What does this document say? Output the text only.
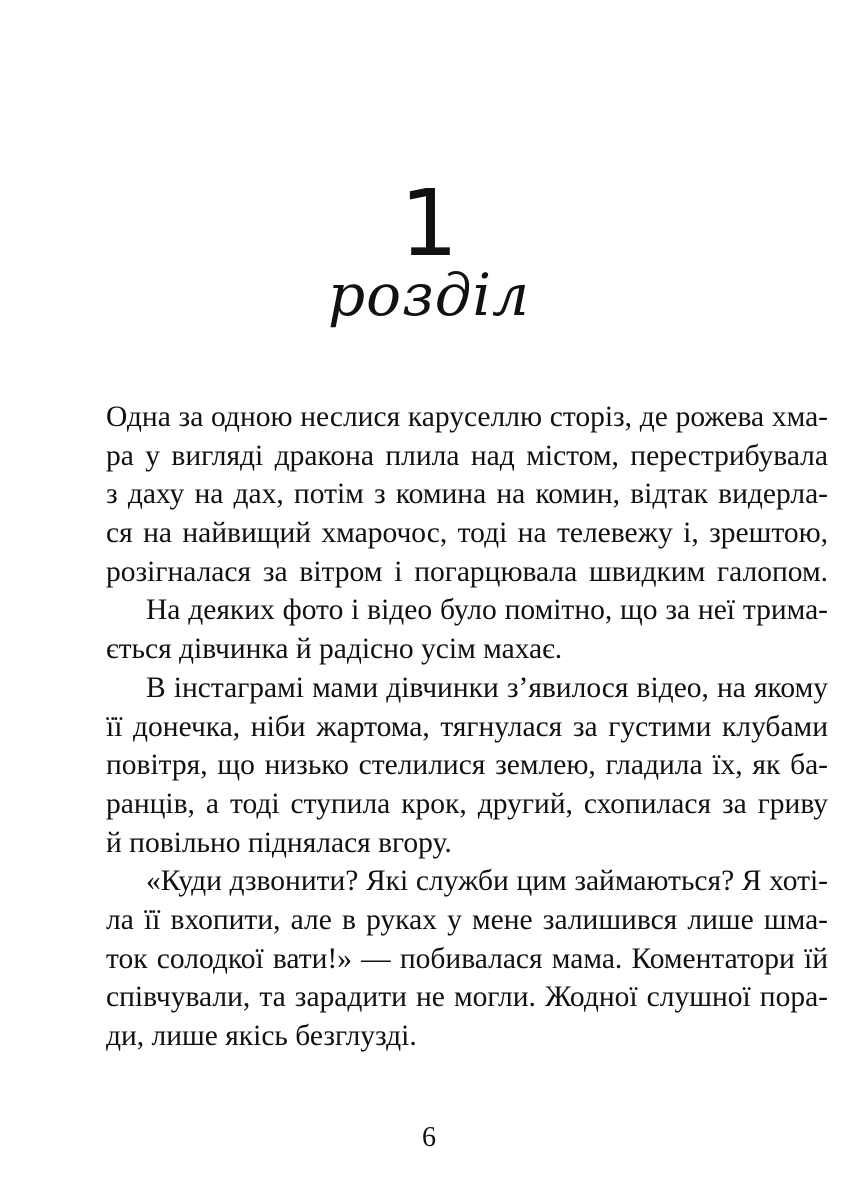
1
розділ
Одна за одною неслися каруселлю сторіз, де рожева хма-
ра у вигляді дракона плила над містом, перестрибувала
з даху на дах, потім з комина на комин, відтак видерла-
ся на найвищий хмарочос, тоді на телевежу і, зрештою,
розігналася за вітром і погарцювала швидким галопом.
На деяких фото і відео було помітно, що за неї трима-
ється дівчинка й радісно усім махає.
В інстаграмі мами дівчинки з’явилося відео, на якому
її донечка, ніби жартома, тягнулася за густими клубами
повітря, що низько стелилися землею, гладила їх, як ба-
ранців, а тоді ступила крок, другий, схопилася за гриву
й повільно піднялася вгору.
«Куди дзвонити? Які служби цим займаються? Я хоті-
ла її вхопити, але в руках у мене залишився лише шма-
ток солодкої вати!» — побивалася мама. Коментатори їй
співчували, та зарадити не могли. Жодної слушної пора-
ди, лише якісь безглузді.
6
